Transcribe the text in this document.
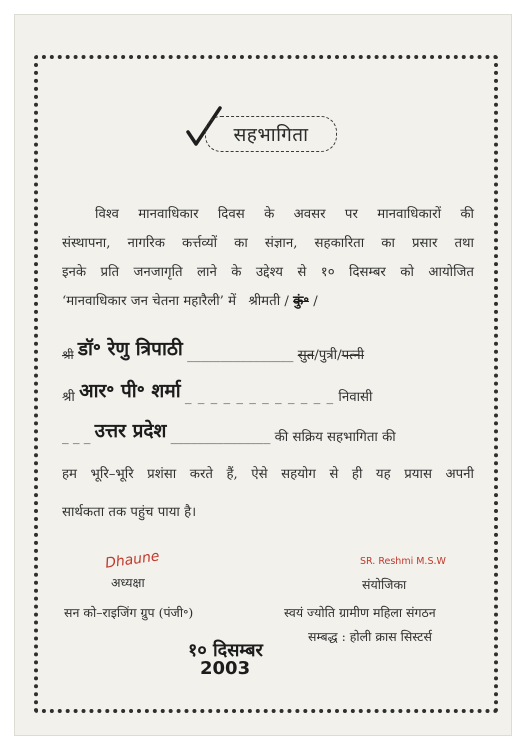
सहभागिता
विश्व मानवाधिकार दिवस के अवसर पर मानवाधिकारों की
संस्थापना, नागरिक कर्त्तव्यों का संज्ञान, सहकारिता का प्रसार तथा
इनके प्रति जनजागृति लाने के उद्देश्य से १० दिसम्बर को आयोजित
‘मानवाधिकार जन चेतना महारैली’ में श्रीमती / कुं॰ /
श्री डॉ॰ रेणु त्रिपाठी ________________ सुत/पुत्री/पत्नी
श्री आर॰ पी॰ शर्मा _ _ _ _ _ _ _ _ _ _ _ _ निवासी
_ _ _ उत्तर प्रदेश _______________ की सक्रिय सहभागिता की
हम भूरि–भूरि प्रशंसा करते हैं, ऐसे सहयोग से ही यह प्रयास अपनी
सार्थकता तक पहुंच पाया है।
Dhaune
अध्यक्षा
सन को–राइजिंग ग्रुप (पंजी॰)
SR. Reshmi M.S.W
संयोजिका
स्वयं ज्योति ग्रामीण महिला संगठन
सम्बद्ध : होली क्रास सिस्टर्स
१० दिसम्बर
2003
